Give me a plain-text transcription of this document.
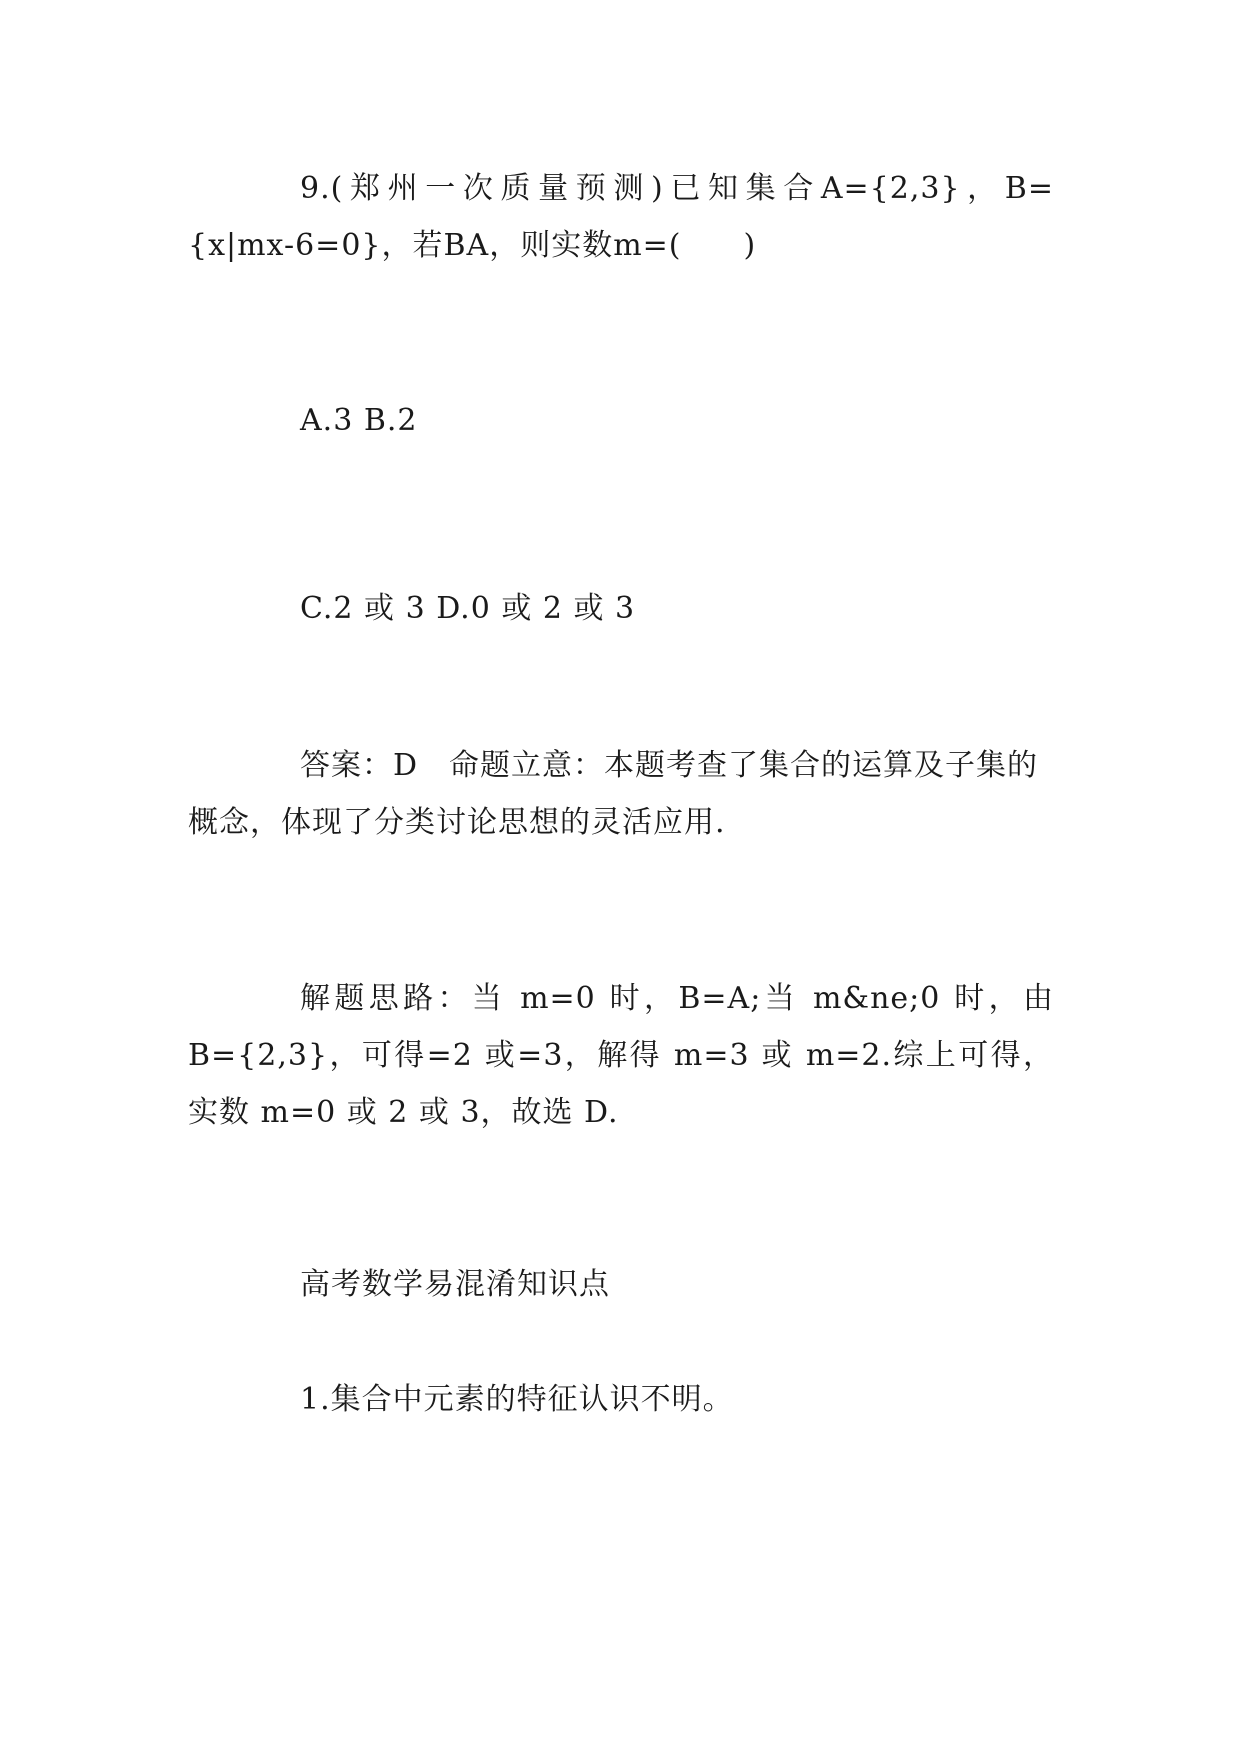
9.(郑州一次质量预测)已知集合A={2,3}，B={x|mx-6=0}，若BA，则实数m=(　　)

A.3 B.2

C.2 或 3 D.0 或 2 或 3

答案：D　命题立意：本题考查了集合的运算及子集的概念，体现了分类讨论思想的灵活应用.

解题思路：当 m=0 时，B=A;当 m&ne;0 时，由 B={2,3}，可得=2 或=3，解得 m=3 或 m=2.综上可得，实数 m=0 或 2 或 3，故选 D.

高考数学易混淆知识点

1.集合中元素的特征认识不明。
